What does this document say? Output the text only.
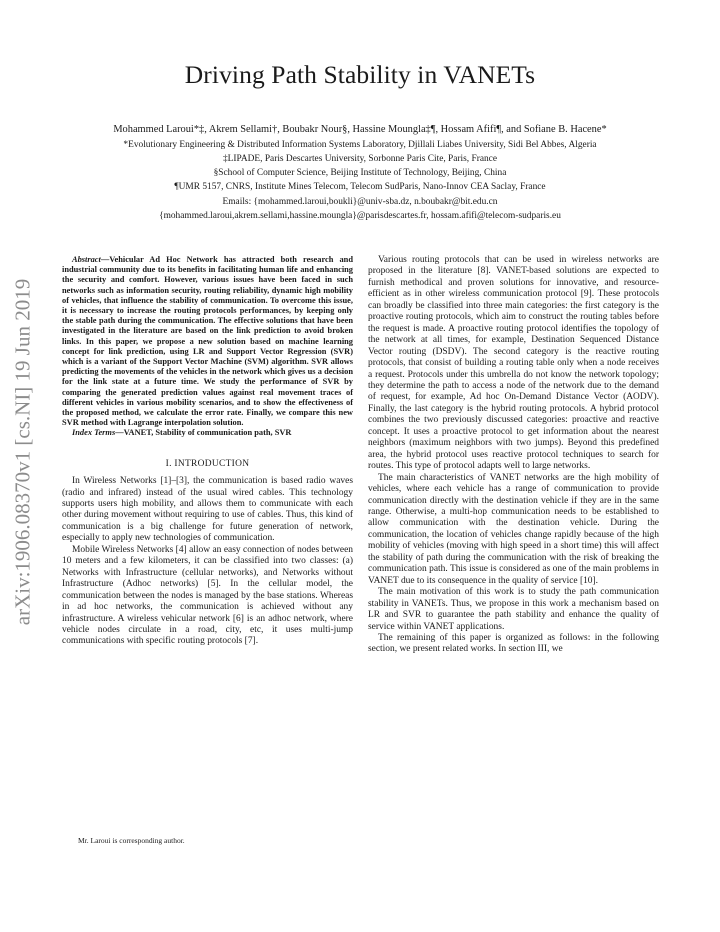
Driving Path Stability in VANETs
Mohammed Laroui*‡, Akrem Sellami†, Boubakr Nour§, Hassine Moungla‡¶, Hossam Afifi¶, and Sofiane B. Hacene*
*Evolutionary Engineering & Distributed Information Systems Laboratory, Djillali Liabes University, Sidi Bel Abbes, Algeria
‡LIPADE, Paris Descartes University, Sorbonne Paris Cite, Paris, France
§School of Computer Science, Beijing Institute of Technology, Beijing, China
¶UMR 5157, CNRS, Institute Mines Telecom, Telecom SudParis, Nano-Innov CEA Saclay, France
Emails: {mohammed.laroui,boukli}@univ-sba.dz, n.boubakr@bit.edu.cn
{mohammed.laroui,akrem.sellami,hassine.moungla}@parisdescartes.fr, hossam.afifi@telecom-sudparis.eu
arXiv:1906.08370v1 [cs.NI] 19 Jun 2019

Abstract—Vehicular Ad Hoc Network has attracted both research and industrial community due to its benefits in facilitating human life and enhancing the security and comfort. However, various issues have been faced in such networks such as information security, routing reliability, dynamic high mobility of vehicles, that influence the stability of communication. To overcome this issue, it is necessary to increase the routing protocols performances, by keeping only the stable path during the communication. The effective solutions that have been investigated in the literature are based on the link prediction to avoid broken links. In this paper, we propose a new solution based on machine learning concept for link prediction, using LR and Support Vector Regression (SVR) which is a variant of the Support Vector Machine (SVM) algorithm. SVR allows predicting the movements of the vehicles in the network which gives us a decision for the link state at a future time. We study the performance of SVR by comparing the generated prediction values against real movement traces of different vehicles in various mobility scenarios, and to show the effectiveness of the proposed method, we calculate the error rate. Finally, we compare this new SVR method with Lagrange interpolation solution.

Index Terms—VANET, Stability of communication path, SVR

I. INTRODUCTION

In Wireless Networks [1]–[3], the communication is based radio waves (radio and infrared) instead of the usual wired cables. This technology supports users high mobility, and allows them to communicate with each other during movement without requiring to use of cables. Thus, this kind of communication is a big challenge for future generation of network, especially to apply new technologies of communication.

Mobile Wireless Networks [4] allow an easy connection of nodes between 10 meters and a few kilometers, it can be classified into two classes: (a) Networks with Infrastructure (cellular networks), and Networks without Infrastructure (Adhoc networks) [5]. In the cellular model, the communication between the nodes is managed by the base stations. Whereas in ad hoc networks, the communication is achieved without any infrastructure. A wireless vehicular network [6] is an adhoc network, where vehicle nodes circulate in a road, city, etc, it uses multi-jump communications with specific routing protocols [7].

Various routing protocols that can be used in wireless networks are proposed in the literature [8]. VANET-based solutions are expected to furnish methodical and proven solutions for innovative, and resource-efficient as in other wireless communication protocol [9]. These protocols can broadly be classified into three main categories: the first category is the proactive routing protocols, which aim to construct the routing tables before the request is made. A proactive routing protocol identifies the topology of the network at all times, for example, Destination Sequenced Distance Vector routing (DSDV). The second category is the reactive routing protocols, that consist of building a routing table only when a node receives a request. Protocols under this umbrella do not know the network topology; they determine the path to access a node of the network due to the demand of request, for example, Ad hoc On-Demand Distance Vector (AODV). Finally, the last category is the hybrid routing protocols. A hybrid protocol combines the two previously discussed categories: proactive and reactive concept. It uses a proactive protocol to get information about the nearest neighbors (maximum neighbors with two jumps). Beyond this predefined area, the hybrid protocol uses reactive protocol techniques to search for routes. This type of protocol adapts well to large networks.

The main characteristics of VANET networks are the high mobility of vehicles, where each vehicle has a range of communication to provide communication directly with the destination vehicle if they are in the same range. Otherwise, a multi-hop communication needs to be established to allow communication with the destination vehicle. During the communication, the location of vehicles change rapidly because of the high mobility of vehicles (moving with high speed in a short time) this will affect the stability of path during the communication with the risk of breaking the communication path. This issue is considered as one of the main problems in VANET due to its consequence in the quality of service [10].

The main motivation of this work is to study the path communication stability in VANETs. Thus, we propose in this work a mechanism based on LR and SVR to guarantee the path stability and enhance the quality of service within VANET applications.

The remaining of this paper is organized as follows: in the following section, we present related works. In section III, we

Mr. Laroui is corresponding author.
